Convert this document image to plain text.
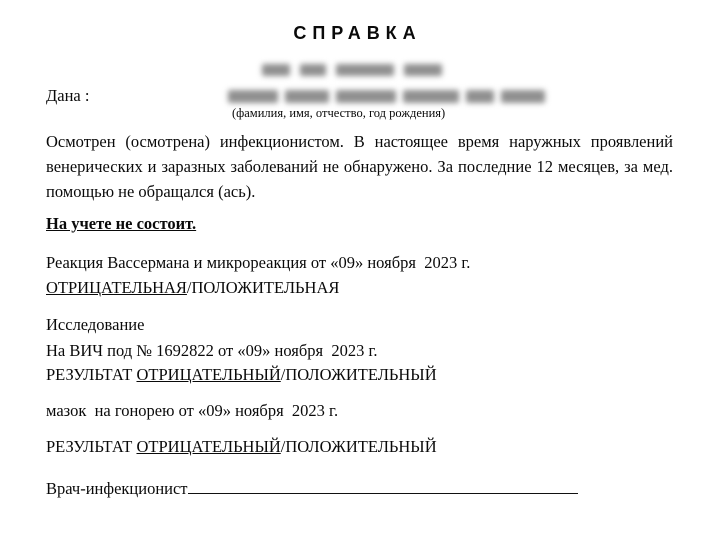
СПРАВКА
Дана :
(фамилия, имя, отчество, год рождения)
Осмотрен (осмотрена) инфекционистом. В настоящее время наружных проявлений венерических и заразных заболеваний не обнаружено. За последние 12 месяцев, за мед. помощью не обращался (ась).
На учете не состоит.
Реакция Вассермана и микрореакция от «09» ноября  2023 г.
ОТРИЦАТЕЛЬНАЯ/ПОЛОЖИТЕЛЬНАЯ
Исследование
На ВИЧ под № 1692822 от «09» ноября  2023 г.
РЕЗУЛЬТАТ ОТРИЦАТЕЛЬНЫЙ/ПОЛОЖИТЕЛЬНЫЙ
мазок  на гонорею от «09» ноября  2023 г.
РЕЗУЛЬТАТ ОТРИЦАТЕЛЬНЫЙ/ПОЛОЖИТЕЛЬНЫЙ
Врач-инфекционист
